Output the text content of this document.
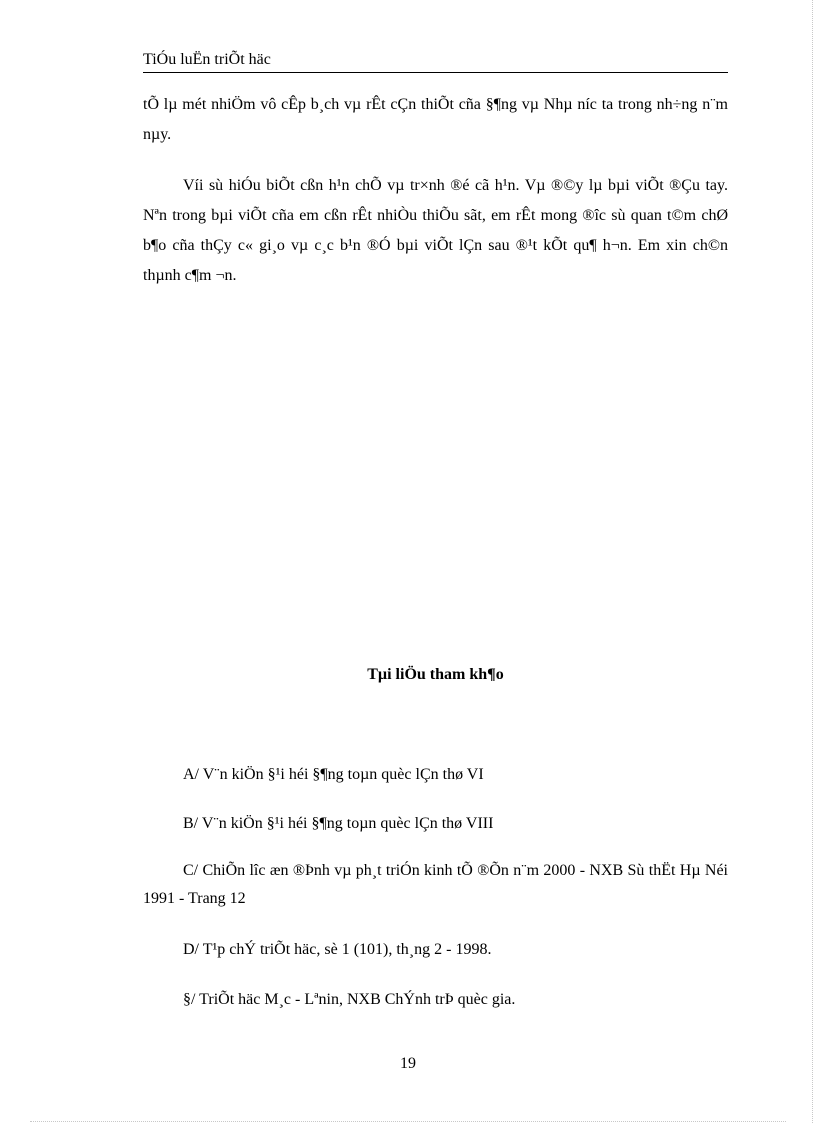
TiÓu luËn triÕt häc
tÕ lµ mét nhiÖm vô cÊp b¸ch vµ rÊt cÇn thiÕt cña §¶ng vµ Nhµ níc ta trong nh÷ng n¨m nµy.
Víi sù hiÓu biÕt cßn h¹n chÕ vµ tr×nh ®é cã h¹n. Vµ ®©y lµ bµi viÕt ®Çu tay. Nªn trong bµi viÕt cña em cßn rÊt nhiÒu thiÕu sãt, em rÊt mong ®îc sù quan t©m chØ b¶o cña thÇy c« gi¸o vµ c¸c b¹n ®Ó bµi viÕt lÇn sau ®¹t kÕt qu¶ h¬n. Em xin ch©n thµnh c¶m ¬n.
Tµi liÖu tham kh¶o
A/ V¨n kiÖn §¹i héi §¶ng toµn quèc lÇn thø VI
B/ V¨n kiÖn §¹i héi §¶ng toµn quèc lÇn thø VIII
C/ ChiÕn lîc æn ®Þnh vµ ph¸t triÓn kinh tÕ ®Õn n¨m 2000 - NXB Sù thËt Hµ Néi 1991 - Trang 12
D/ T¹p chÝ triÕt häc, sè 1 (101), th¸ng 2 - 1998.
§/ TriÕt häc M¸c - Lªnin, NXB ChÝnh trÞ quèc gia.
19
